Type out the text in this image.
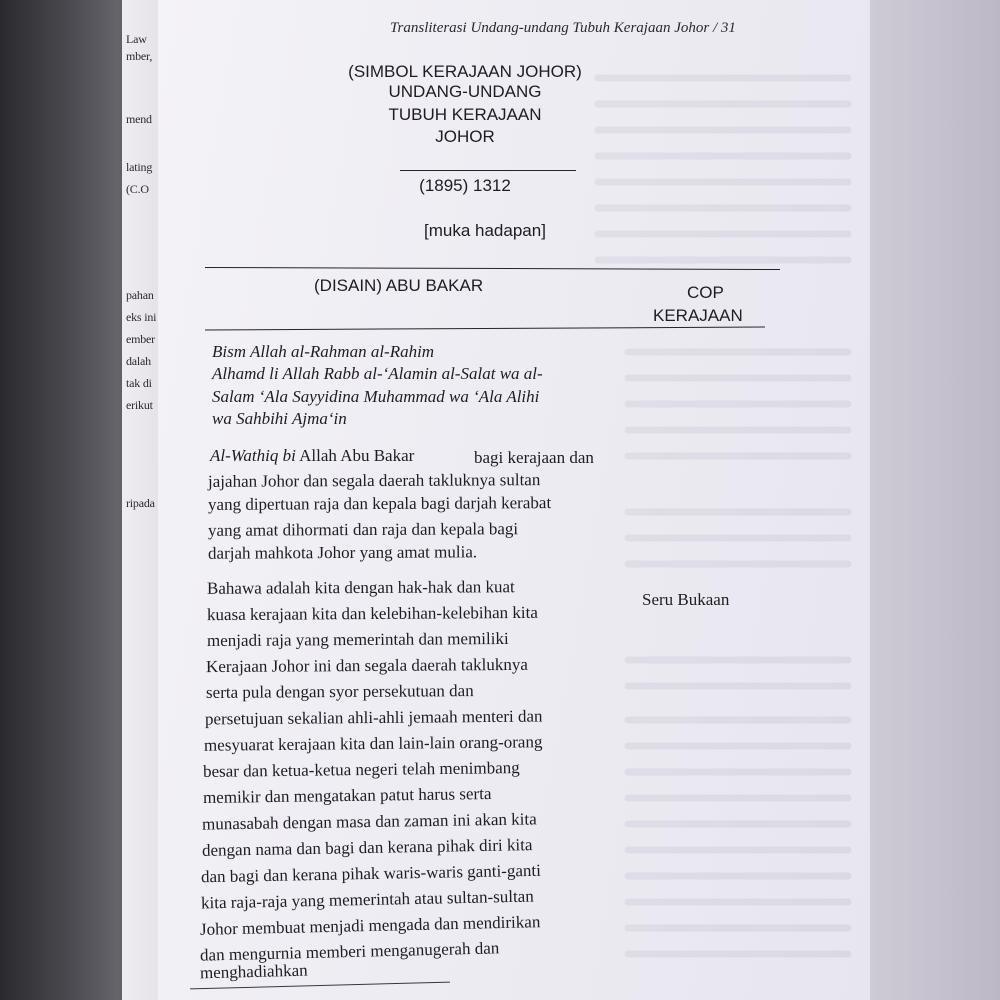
Law
mber,
mend
lating
(C.O
pahan
eks ini
ember
dalah
tak di
erikut
ripada
Transliterasi Undang-undang Tubuh Kerajaan Johor / 31
(SIMBOL KERAJAAN JOHOR)
UNDANG-UNDANG
TUBUH KERAJAAN
JOHOR
(1895) 1312
[muka hadapan]
(DISAIN) ABU BAKAR	COP
KERAJAAN
Bism Allah al-Rahman al-Rahim
Alhamd li Allah Rabb al-‘Alamin al-Salat wa al-
Salam ‘Ala Sayyidina Muhammad wa ‘Ala Alihi
wa Sahbihi Ajma‘in
Al-Wathiq bi Allah Abu Bakar	bagi kerajaan dan
jajahan Johor dan segala daerah takluknya sultan
yang dipertuan raja dan kepala bagi darjah kerabat
yang amat dihormati dan raja dan kepala bagi
darjah mahkota Johor yang amat mulia.
Bahawa adalah kita dengan hak-hak dan kuat
Seru Bukaan
kuasa kerajaan kita dan kelebihan-kelebihan kita
menjadi raja yang memerintah dan memiliki
Kerajaan Johor ini dan segala daerah takluknya
serta pula dengan syor persekutuan dan
persetujuan sekalian ahli-ahli jemaah menteri dan
mesyuarat kerajaan kita dan lain-lain orang-orang
besar dan ketua-ketua negeri telah menimbang
memikir dan mengatakan patut harus serta
munasabah dengan masa dan zaman ini akan kita
dengan nama dan bagi dan kerana pihak diri kita
dan bagi dan kerana pihak waris-waris ganti-ganti
kita raja-raja yang memerintah atau sultan-sultan
Johor membuat menjadi mengada dan mendirikan
dan mengurnia memberi menganugerah dan
menghadiahkan
